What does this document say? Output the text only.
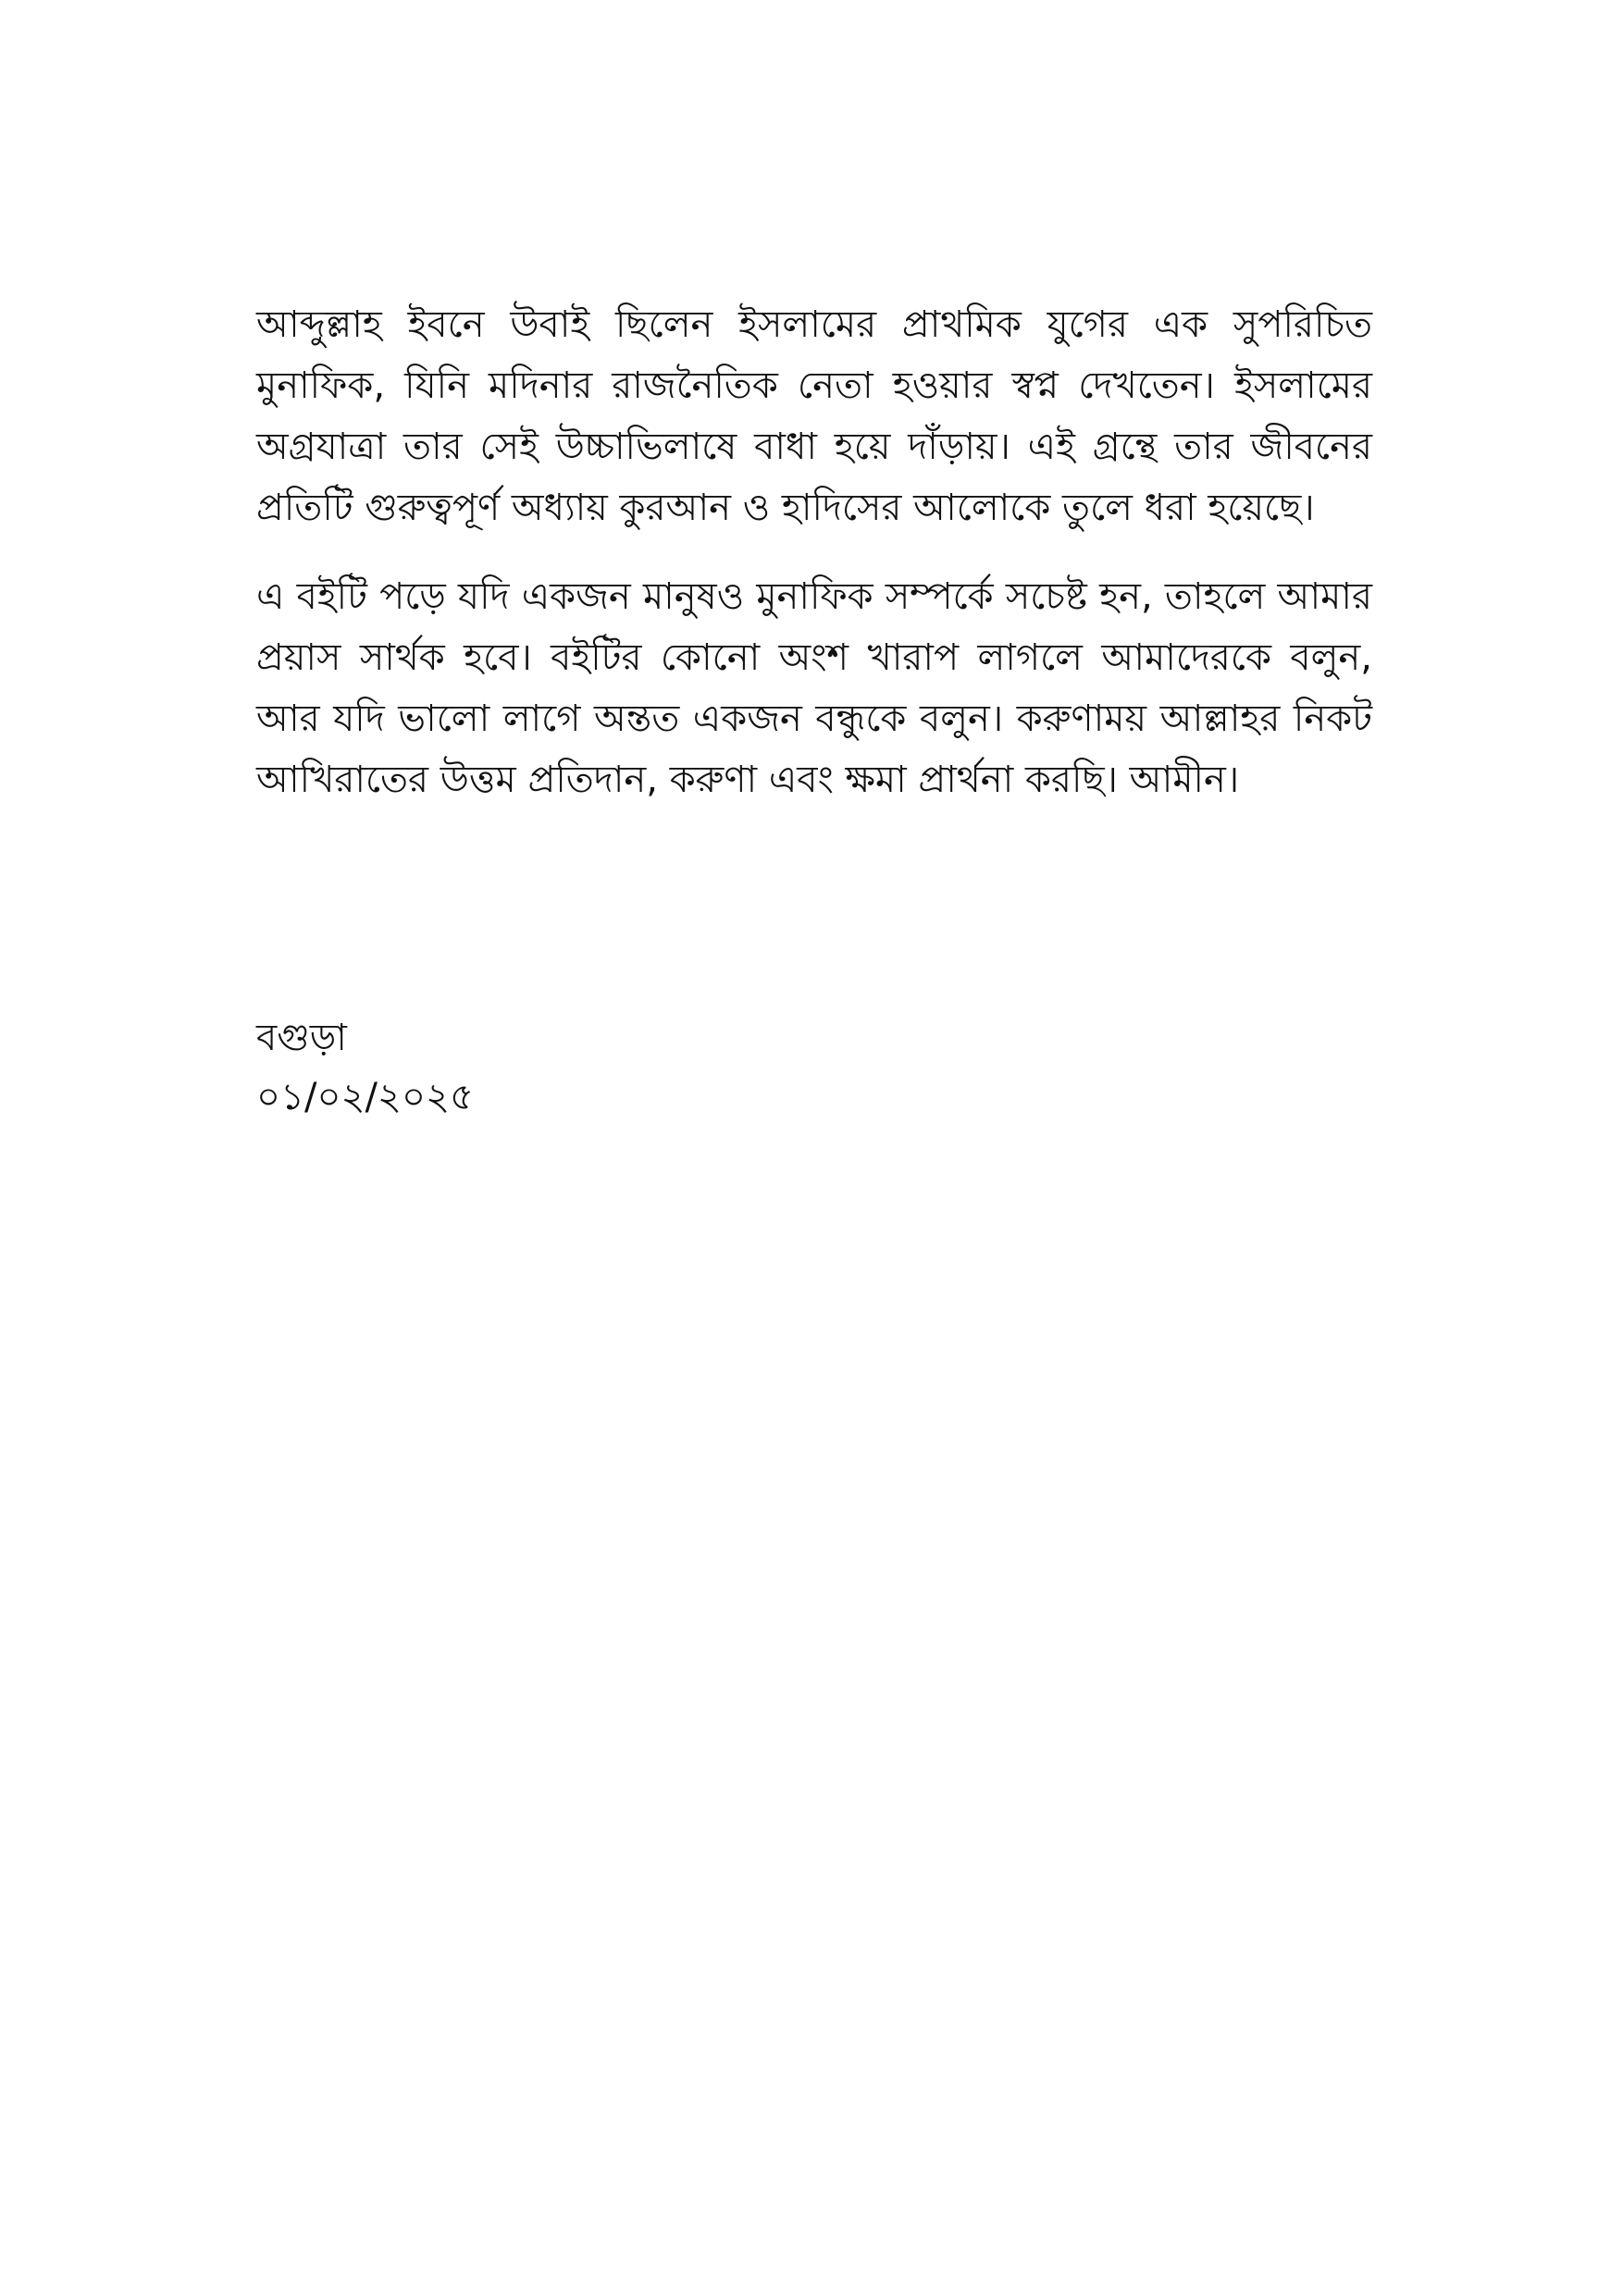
আব্দুল্লাহ ইবনে উবাই ছিলেন ইসলামের প্রাথমিক যুগের এক সুপরিচিত মুনাফিক, যিনি মদিনার রাজনৈতিক নেতা হওয়ার স্বপ্ন দেখতেন। ইসলামের অগ্রযাত্রা তার সেই উচ্চাভিলাষে বাধা হয়ে দাঁড়ায়। এই গ্রন্থে তার জীবনের প্রতিটি গুরুত্বপূর্ণ অধ্যায় কুরআন ও হাদিসের আলোকে তুলে ধরা হয়েছে।

এ বইটি পড়ে যদি একজন মানুষও মুনাফিক সম্পর্কে সচেষ্ট হন, তাহলে আমার প্রয়াস সার্থক হবে। বইটির কোনো অংশ খারাপ লাগলে আমাদেরকে বলুন, আর যদি ভালো লাগে অন্তত একজন বন্ধুকে বলুন। করুণাময় আল্লাহর নিকট আখিরাতের উত্তম প্রতিদান, করুণা এবং ক্ষমা প্রার্থনা করছি। আমীন।

বগুড়া
০১/০২/২০২৫
